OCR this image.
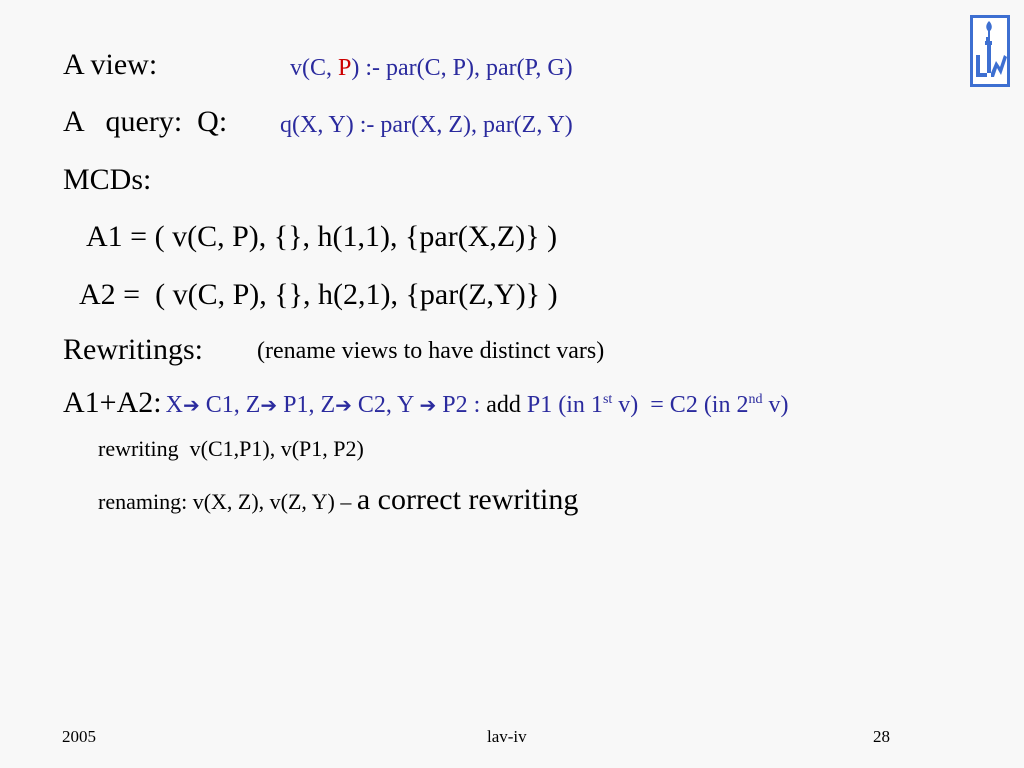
A view:	v(C, P) :- par(C, P), par(P, G)
A   query:  Q: q(X, Y) :- par(X, Z), par(Z, Y)
MCDs:
A1 = ( v(C, P), {}, h(1,1), {par(X,Z)} )
A2 =  ( v(C, P), {}, h(2,1), {par(Z,Y)} )
Rewritings: (rename views to have distinct vars)
A1+A2: X➔ C1, Z➔ P1, Z➔ C2, Y ➔ P2 : add P1 (in 1st v)  = C2 (in 2nd v)
rewriting  v(C1,P1), v(P1, P2)
renaming: v(X, Z), v(Z, Y) – a correct rewriting
2005	lav-iv	28
